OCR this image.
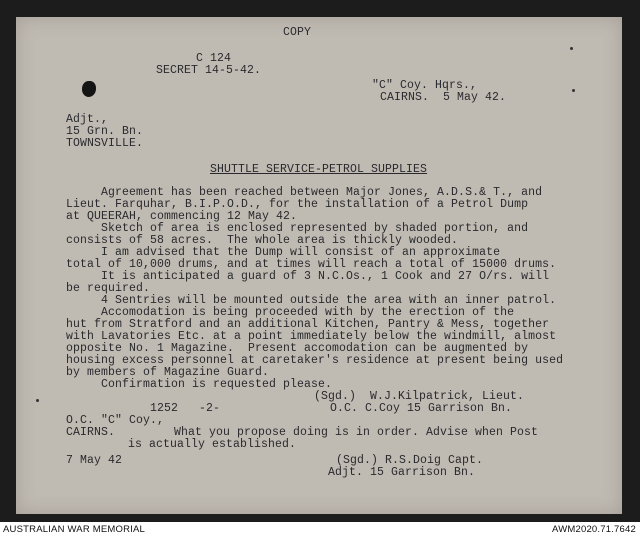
COPY
C 124
SECRET 14-5-42.
"C" Coy. Hqrs.,
CAIRNS.  5 May 42.
Adjt.,
15 Grn. Bn.
TOWNSVILLE.
SHUTTLE SERVICE-PETROL SUPPLIES
Agreement has been reached between Major Jones, A.D.S.& T., and
Lieut. Farquhar, B.I.P.O.D., for the installation of a Petrol Dump
at QUEERAH, commencing 12 May 42.
Sketch of area is enclosed represented by shaded portion, and
consists of 58 acres.  The whole area is thickly wooded.
I am advised that the Dump will consist of an approximate
total of 10,000 drums, and at times will reach a total of 15000 drums.
It is anticipated a guard of 3 N.C.Os., 1 Cook and 27 O/rs. will
be required.
4 Sentries will be mounted outside the area with an inner patrol.
Accomodation is being proceeded with by the erection of the
hut from Stratford and an additional Kitchen, Pantry & Mess, together
with Lavatories Etc. at a point immediately below the windmill, almost
opposite No. 1 Magazine.  Present accomodation can be augmented by
housing excess personnel at caretaker's residence at present being used
by members of Magazine Guard.
Confirmation is requested please.
(Sgd.)  W.J.Kilpatrick, Lieut.
O.C. C.Coy 15 Garrison Bn.
1252   -2-
O.C. "C" Coy.,
CAIRNS.	What you propose doing is in order. Advise when Post
is actually established.
7 May 42	(Sgd.) R.S.Doig Capt.
Adjt. 15 Garrison Bn.
AUSTRALIAN WAR MEMORIAL	AWM2020.71.7642
